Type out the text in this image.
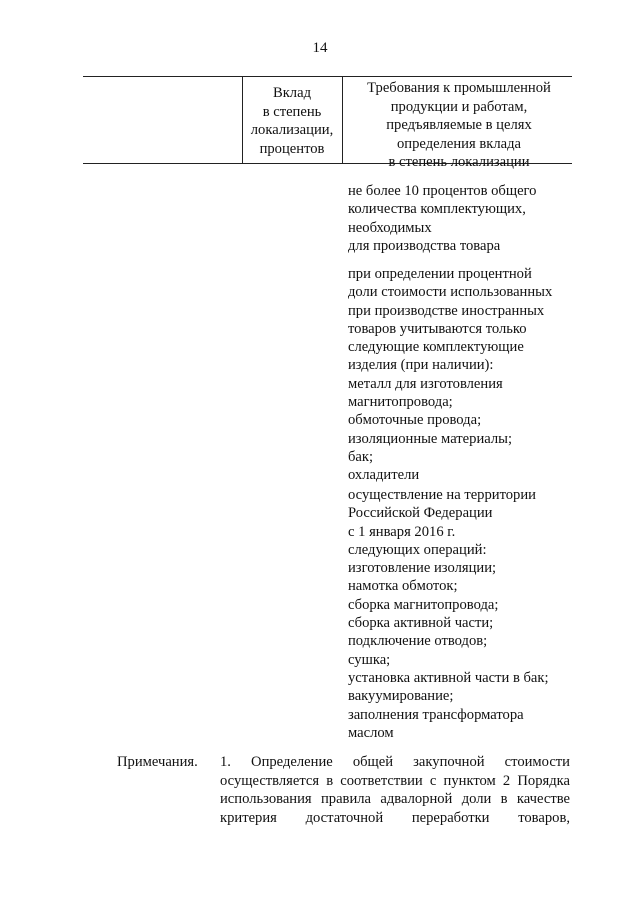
14
Вклад
в степень
локализации,
процентов
Требования к промышленной
продукции и работам,
предъявляемые в целях
определения вклада
в степень локализации
не более 10 процентов общего
количества комплектующих,
необходимых
для производства товара
при определении процентной
доли стоимости использованных
при производстве иностранных
товаров учитываются только
следующие комплектующие
изделия (при наличии):
металл для изготовления
магнитопровода;
обмоточные провода;
изоляционные материалы;
бак;
охладители
осуществление на территории
Российской Федерации
с 1 января 2016 г.
следующих операций:
изготовление изоляции;
намотка обмоток;
сборка магнитопровода;
сборка активной части;
подключение отводов;
сушка;
установка активной части в бак;
вакуумирование;
заполнения трансформатора
маслом
Примечания. 1. Определение общей закупочной стоимости
осуществляется в соответствии с пунктом 2 Порядка
использования правила адвалорной доли в качестве
критерия достаточной переработки товаров,
